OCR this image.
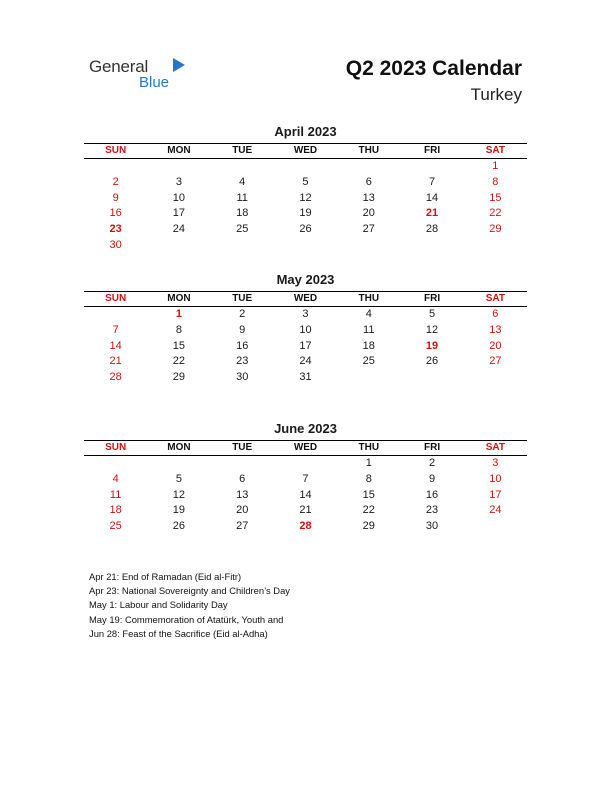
General
Blue
Q2 2023 Calendar
Turkey
April 2023
SUN	MON	TUE	WED	THU	FRI	SAT
						1
2	3	4	5	6	7	8
9	10	11	12	13	14	15
16	17	18	19	20	21	22
23	24	25	26	27	28	29
30						
May 2023
SUN	MON	TUE	WED	THU	FRI	SAT
	1	2	3	4	5	6
7	8	9	10	11	12	13
14	15	16	17	18	19	20
21	22	23	24	25	26	27
28	29	30	31			
June 2023
SUN	MON	TUE	WED	THU	FRI	SAT
				1	2	3
4	5	6	7	8	9	10
11	12	13	14	15	16	17
18	19	20	21	22	23	24
25	26	27	28	29	30	
Apr 21: End of Ramadan (Eid al-Fitr)
Apr 23: National Sovereignty and Children’s Day
May 1: Labour and Solidarity Day
May 19: Commemoration of Atatürk, Youth and
Jun 28: Feast of the Sacrifice (Eid al-Adha)
